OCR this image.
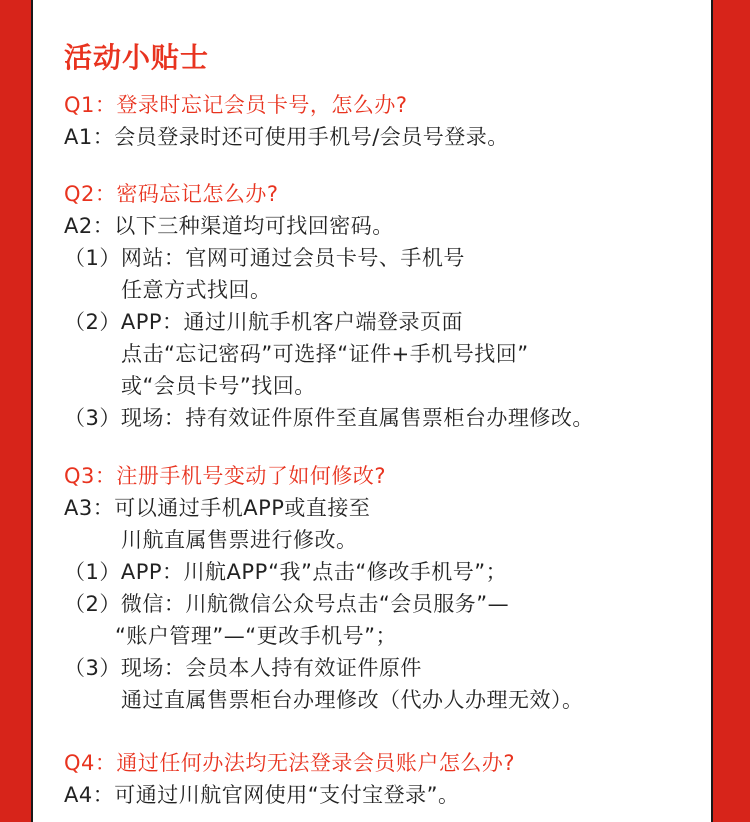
活动小贴士
Q1：登录时忘记会员卡号，怎么办?
A1：会员登录时还可使用手机号/会员号登录。
Q2：密码忘记怎么办?
A2：以下三种渠道均可找回密码。
（1）网站：官网可通过会员卡号、手机号
任意方式找回。
（2）APP：通过川航手机客户端登录页面
点击“忘记密码”可选择“证件+手机号找回”
或“会员卡号”找回。
（3）现场：持有效证件原件至直属售票柜台办理修改。
Q3：注册手机号变动了如何修改?
A3：可以通过手机APP或直接至
川航直属售票进行修改。
（1）APP：川航APP“我”点击“修改手机号”；
（2）微信：川航微信公众号点击“会员服务”—
“账户管理”—“更改手机号”；
（3）现场：会员本人持有效证件原件
通过直属售票柜台办理修改（代办人办理无效）。
Q4：通过任何办法均无法登录会员账户怎么办?
A4：可通过川航官网使用“支付宝登录”。
